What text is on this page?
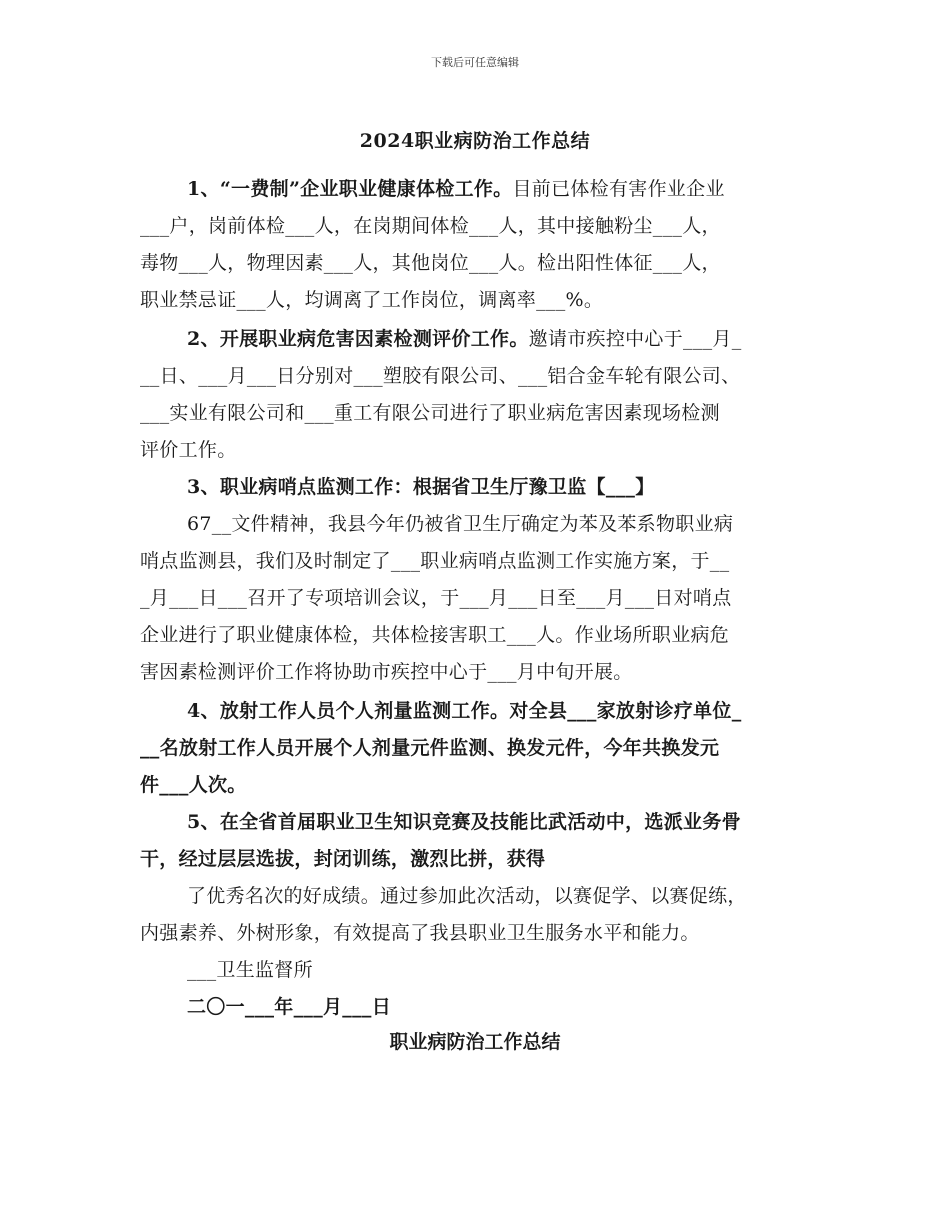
下载后可任意编辑
2024职业病防治工作总结
1、“一费制”企业职业健康体检工作。目前已体检有害作业企业
___户，岗前体检___人，在岗期间体检___人，其中接触粉尘___人，
毒物___人，物理因素___人，其他岗位___人。检出阳性体征___人，
职业禁忌证___人，均调离了工作岗位，调离率___%。
2、开展职业病危害因素检测评价工作。邀请市疾控中心于___月_
__日、___月___日分别对___塑胶有限公司、___铝合金车轮有限公司、
___实业有限公司和___重工有限公司进行了职业病危害因素现场检测
评价工作。
3、职业病哨点监测工作：根据省卫生厅豫卫监【___】
67__文件精神，我县今年仍被省卫生厅确定为苯及苯系物职业病
哨点监测县，我们及时制定了___职业病哨点监测工作实施方案，于__
_月___日___召开了专项培训会议，于___月___日至___月___日对哨点
企业进行了职业健康体检，共体检接害职工___人。作业场所职业病危
害因素检测评价工作将协助市疾控中心于___月中旬开展。
4、放射工作人员个人剂量监测工作。对全县___家放射诊疗单位_
__名放射工作人员开展个人剂量元件监测、换发元件，今年共换发元
件___人次。
5、在全省首届职业卫生知识竞赛及技能比武活动中，选派业务骨
干，经过层层选拔，封闭训练，激烈比拼，获得
了优秀名次的好成绩。通过参加此次活动，以赛促学、以赛促练，
内强素养、外树形象，有效提高了我县职业卫生服务水平和能力。
___卫生监督所
二〇一___年___月___日
职业病防治工作总结
